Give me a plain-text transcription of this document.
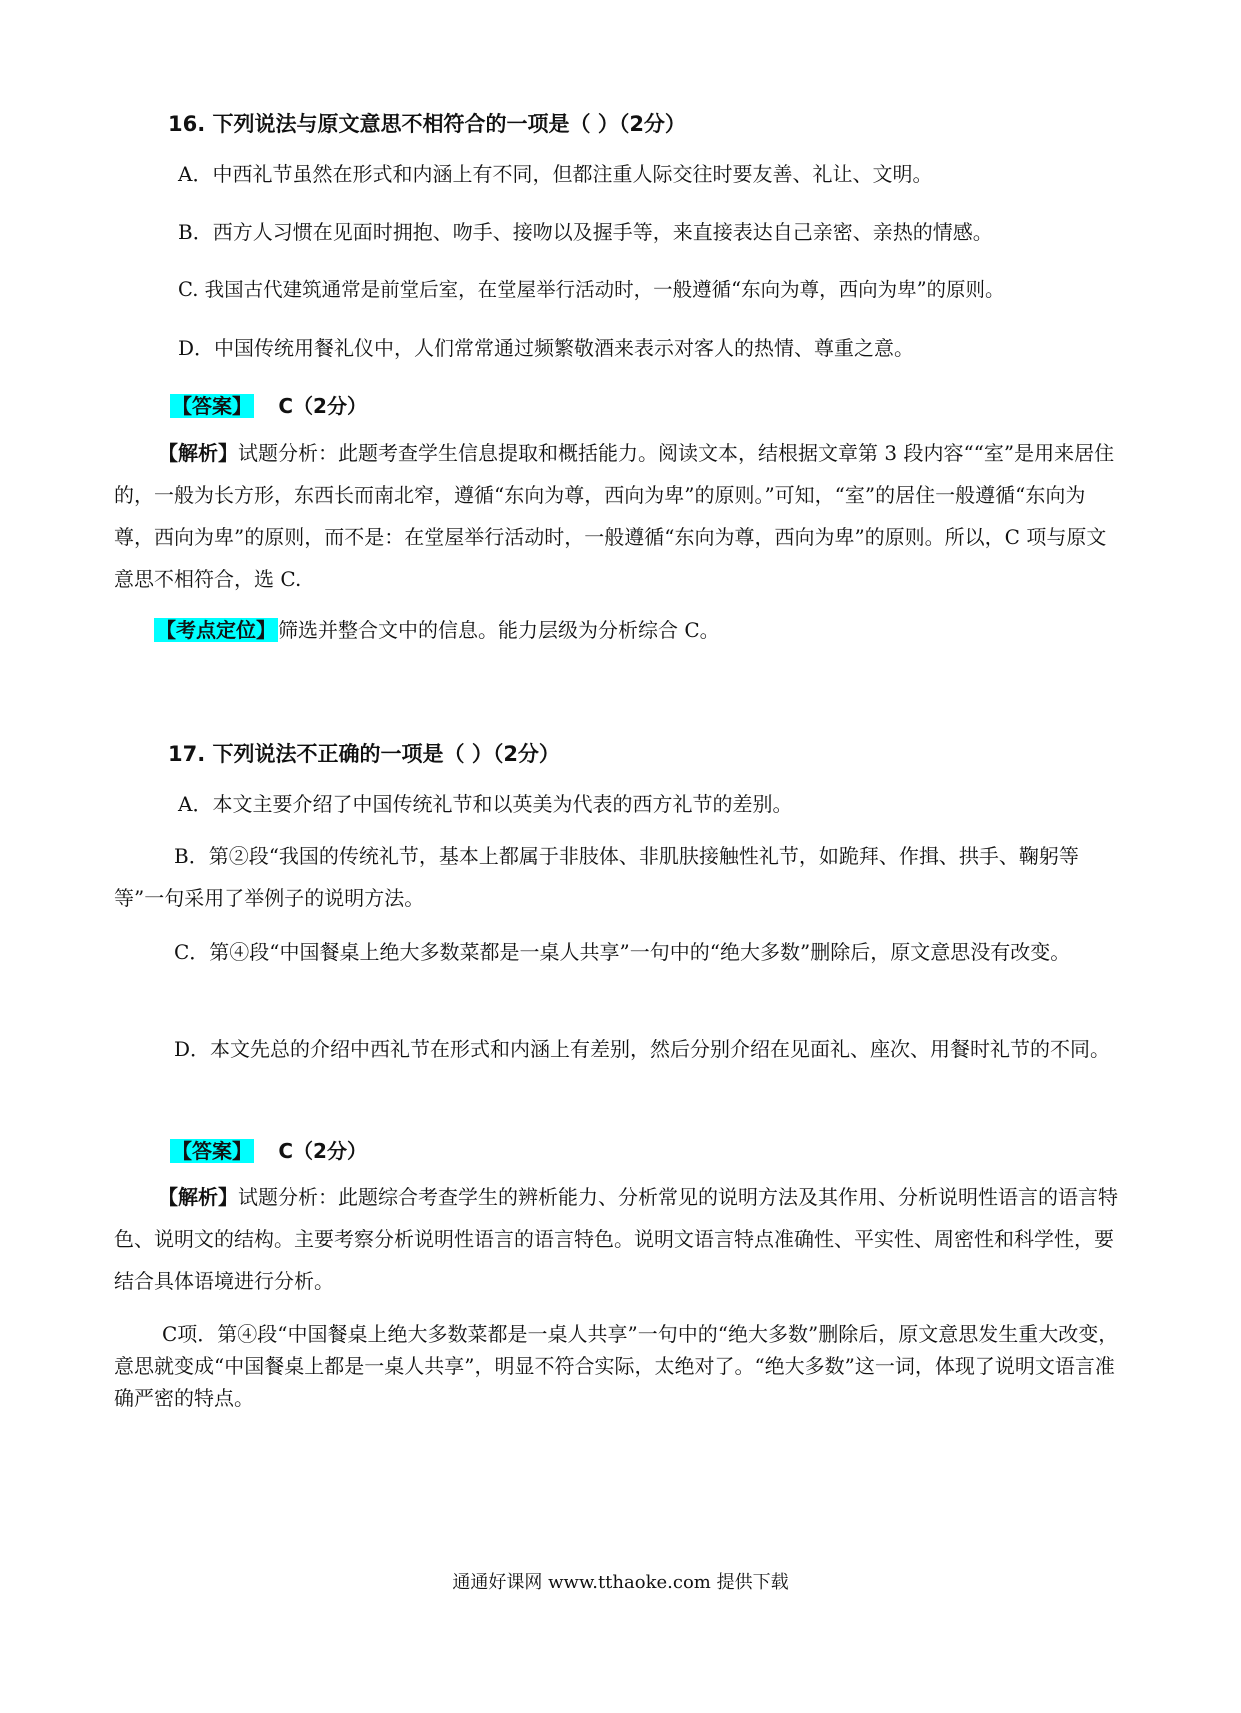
16. 下列说法与原文意思不相符合的一项是（ ）（2分）
A．中西礼节虽然在形式和内涵上有不同，但都注重人际交往时要友善、礼让、文明。
B．西方人习惯在见面时拥抱、吻手、接吻以及握手等，来直接表达自己亲密、亲热的情感。
C. 我国古代建筑通常是前堂后室，在堂屋举行活动时，一般遵循“东向为尊，西向为卑”的原则。
D．中国传统用餐礼仪中，人们常常通过频繁敬酒来表示对客人的热情、尊重之意。
【答案】 C（2分）
【解析】试题分析：此题考查学生信息提取和概括能力。阅读文本，结根据文章第 3 段内容““室”是用来居住的，一般为长方形，东西长而南北窄，遵循“东向为尊，西向为卑”的原则。”可知，“室”的居住一般遵循“东向为尊，西向为卑”的原则，而不是：在堂屋举行活动时，一般遵循“东向为尊，西向为卑”的原则。所以，C 项与原文意思不相符合，选 C.
【考点定位】 筛选并整合文中的信息。能力层级为分析综合 C。
17. 下列说法不正确的一项是（ ）（2分）
A．本文主要介绍了中国传统礼节和以英美为代表的西方礼节的差别。
B．第②段“我国的传统礼节，基本上都属于非肢体、非肌肤接触性礼节，如跪拜、作揖、拱手、鞠躬等等”一句采用了举例子的说明方法。
C．第④段“中国餐桌上绝大多数菜都是一桌人共享”一句中的“绝大多数”删除后，原文意思没有改变。
D．本文先总的介绍中西礼节在形式和内涵上有差别，然后分别介绍在见面礼、座次、用餐时礼节的不同。
【答案】 C（2分）
【解析】试题分析：此题综合考查学生的辨析能力、分析常见的说明方法及其作用、分析说明性语言的语言特色、说明文的结构。主要考察分析说明性语言的语言特色。说明文语言特点准确性、平实性、周密性和科学性，要结合具体语境进行分析。
C项．第④段“中国餐桌上绝大多数菜都是一桌人共享”一句中的“绝大多数”删除后，原文意思发生重大改变，意思就变成“中国餐桌上都是一桌人共享”，明显不符合实际，太绝对了。“绝大多数”这一词，体现了说明文语言准确严密的特点。
通通好课网 www.tthaoke.com 提供下载
